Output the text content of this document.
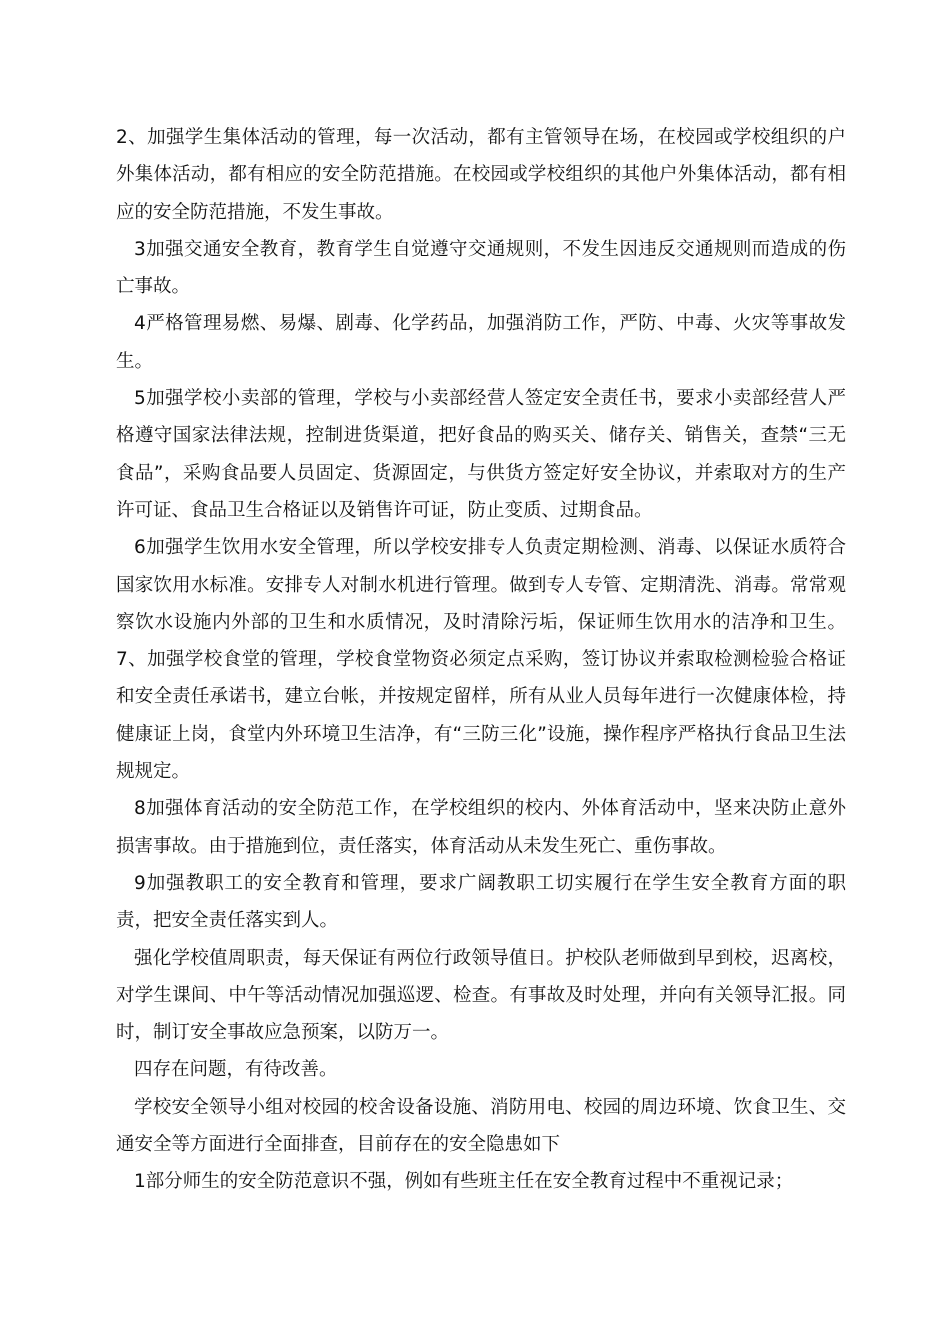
2、加强学生集体活动的管理，每一次活动，都有主管领导在场，在校园或学校组织的户外集体活动，都有相应的安全防范措施。在校园或学校组织的其他户外集体活动，都有相应的安全防范措施，不发生事故。

3加强交通安全教育，教育学生自觉遵守交通规则，不发生因违反交通规则而造成的伤亡事故。

4严格管理易燃、易爆、剧毒、化学药品，加强消防工作，严防、中毒、火灾等事故发生。

5加强学校小卖部的管理，学校与小卖部经营人签定安全责任书，要求小卖部经营人严格遵守国家法律法规，控制进货渠道，把好食品的购买关、储存关、销售关，查禁“三无食品”，采购食品要人员固定、货源固定，与供货方签定好安全协议，并索取对方的生产许可证、食品卫生合格证以及销售许可证，防止变质、过期食品。

6加强学生饮用水安全管理，所以学校安排专人负责定期检测、消毒、以保证水质符合国家饮用水标准。安排专人对制水机进行管理。做到专人专管、定期清洗、消毒。常常观察饮水设施内外部的卫生和水质情况，及时清除污垢，保证师生饮用水的洁净和卫生。7、加强学校食堂的管理，学校食堂物资必须定点采购，签订协议并索取检测检验合格证和安全责任承诺书，建立台帐，并按规定留样，所有从业人员每年进行一次健康体检，持健康证上岗，食堂内外环境卫生洁净，有“三防三化”设施，操作程序严格执行食品卫生法规规定。

8加强体育活动的安全防范工作，在学校组织的校内、外体育活动中，坚来决防止意外损害事故。由于措施到位，责任落实，体育活动从未发生死亡、重伤事故。

9加强教职工的安全教育和管理，要求广阔教职工切实履行在学生安全教育方面的职责，把安全责任落实到人。

强化学校值周职责，每天保证有两位行政领导值日。护校队老师做到早到校，迟离校，对学生课间、中午等活动情况加强巡逻、检查。有事故及时处理，并向有关领导汇报。同时，制订安全事故应急预案，以防万一。

四存在问题，有待改善。

学校安全领导小组对校园的校舍设备设施、消防用电、校园的周边环境、饮食卫生、交通安全等方面进行全面排查，目前存在的安全隐患如下

1部分师生的安全防范意识不强，例如有些班主任在安全教育过程中不重视记录；
